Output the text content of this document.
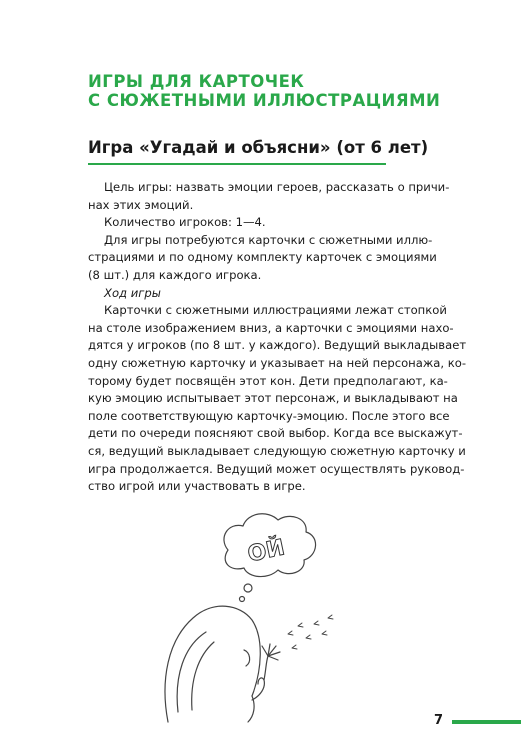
ИГРЫ ДЛЯ КАРТОЧЕК
С СЮЖЕТНЫМИ ИЛЛЮСТРАЦИЯМИ
Игра «Угадай и объясни» (от 6 лет)
Цель игры: назвать эмоции героев, рассказать о причи-
нах этих эмоций.
Количество игроков: 1—4.
Для игры потребуются карточки с сюжетными иллю-
страциями и по одному комплекту карточек с эмоциями
(8 шт.) для каждого игрока.
Ход игры
Карточки с сюжетными иллюстрациями лежат стопкой
на столе изображением вниз, а карточки с эмоциями нахо-
дятся у игроков (по 8 шт. у каждого). Ведущий выкладывает
одну сюжетную карточку и указывает на ней персонажа, ко-
торому будет посвящён этот кон. Дети предполагают, ка-
кую эмоцию испытывает этот персонаж, и выкладывают на
поле соответствующую карточку-эмоцию. После этого все
дети по очереди поясняют свой выбор. Когда все выскажут-
ся, ведущий выкладывает следующую сюжетную карточку и
игра продолжается. Ведущий может осуществлять руковод-
ство игрой или участвовать в игре.
ОЙ
7
